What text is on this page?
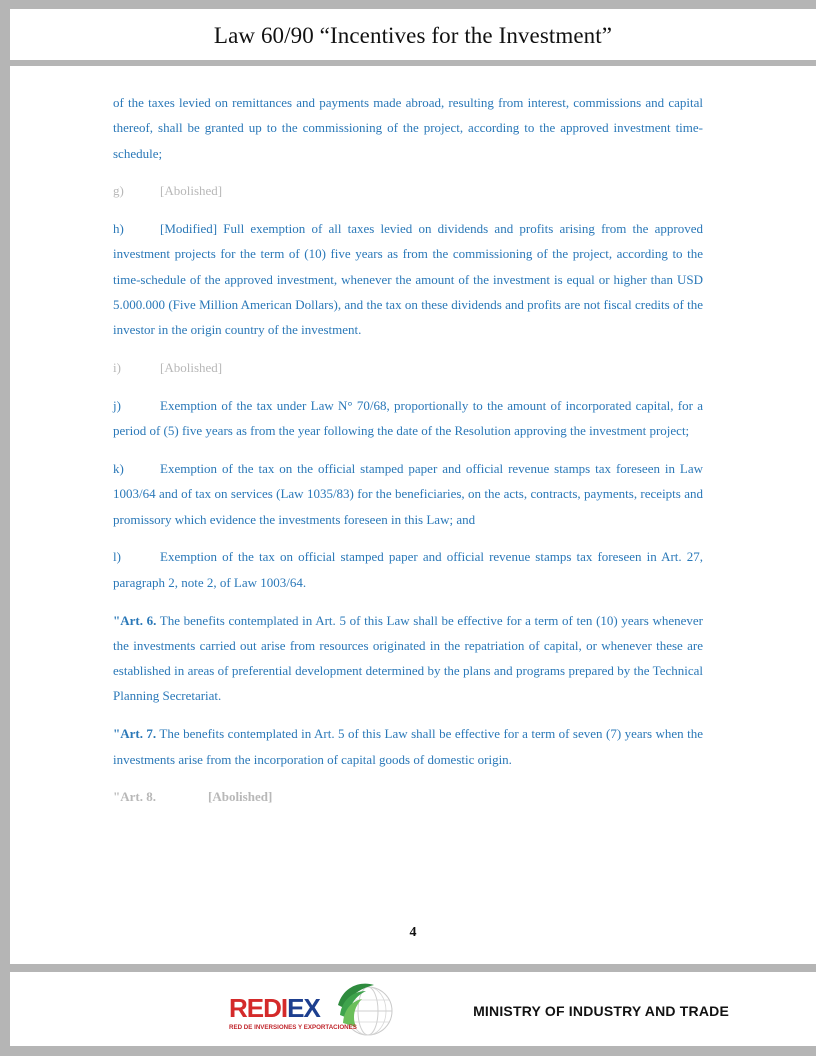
Law 60/90 “Incentives for the Investment”

of the taxes levied on remittances and payments made abroad, resulting from interest, commissions and capital thereof, shall be granted up to the commissioning of the project, according to the approved investment time-schedule;

g)	[Abolished]

h)	[Modified] Full exemption of all taxes levied on dividends and profits arising from the approved investment projects for the term of (10) five years as from the commissioning of the project, according to the time-schedule of the approved investment, whenever the amount of the investment is equal or higher than USD 5.000.000 (Five Million American Dollars), and the tax on these dividends and profits are not fiscal credits of the investor in the origin country of the investment.

i)	[Abolished]

j)	Exemption of the tax under Law N° 70/68, proportionally to the amount of incorporated capital, for a period of (5) five years as from the year following the date of the Resolution approving the investment project;

k)	Exemption of the tax on the official stamped paper and official revenue stamps tax foreseen in Law 1003/64 and of tax on services (Law 1035/83) for the beneficiaries, on the acts, contracts, payments, receipts and promissory which evidence the investments foreseen in this Law; and

l)	Exemption of the tax on official stamped paper and official revenue stamps tax foreseen in Art. 27, paragraph 2, note 2, of Law 1003/64.

"Art. 6. The benefits contemplated in Art. 5 of this Law shall be effective for a term of ten (10) years whenever the investments carried out arise from resources originated in the repatriation of capital, or whenever these are established in areas of preferential development determined by the plans and programs prepared by the Technical Planning Secretariat.

"Art. 7. The benefits contemplated in Art. 5 of this Law shall be effective for a term of seven (7) years when the investments arise from the incorporation of capital goods of domestic origin.

"Art. 8.	[Abolished]

4
REDIEX
RED DE INVERSIONES Y EXPORTACIONES
MINISTRY OF INDUSTRY AND TRADE
